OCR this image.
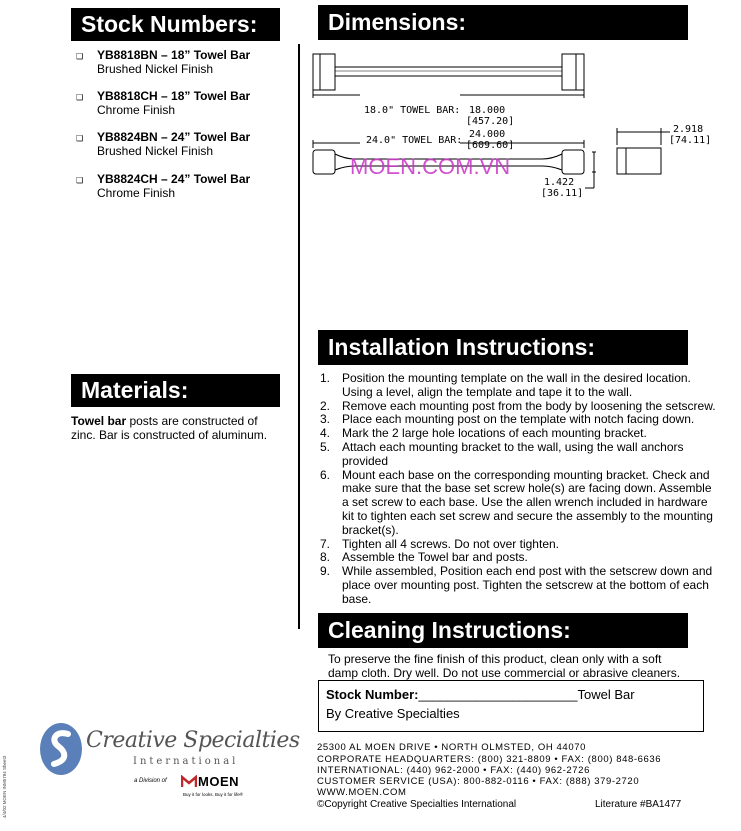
Stock Numbers:
❑ YB8818BN – 18” Towel Bar
Brushed Nickel Finish
❑ YB8818CH – 18” Towel Bar
Chrome Finish
❑ YB8824BN – 24” Towel Bar
Brushed Nickel Finish
❑ YB8824CH – 24” Towel Bar
Chrome Finish
Materials:
Towel bar posts are constructed of
zinc. Bar is constructed of aluminum.
Dimensions:
18.0" TOWEL BAR: 18.000
[457.20]
24.0" TOWEL BAR:
24.000
[609.60]
2.918
[74.11]
1.422
[36.11]
MOEN.COM.VN
Installation Instructions:
1. Position the mounting template on the wall in the desired location.
Using a level, align the template and tape it to the wall.
2. Remove each mounting post from the body by loosening the setscrew.
3. Place each mounting post on the template with notch facing down.
4. Mark the 2 large hole locations of each mounting bracket.
5. Attach each mounting bracket to the wall, using the wall anchors
provided
6. Mount each base on the corresponding mounting bracket. Check and
make sure that the base set screw hole(s) are facing down. Assemble
a set screw to each base. Use the allen wrench included in hardware
kit to tighten each set screw and secure the assembly to the mounting
bracket(s).
7. Tighten all 4 screws. Do not over tighten.
8. Assemble the Towel bar and posts.
9. While assembled, Position each end post with the setscrew down and
place over mounting post. Tighten the setscrew at the bottom of each
base.
Cleaning Instructions:
To preserve the fine finish of this product, clean only with a soft
damp cloth. Dry well. Do not use commercial or abrasive cleaners.
Stock Number:______________________Towel Bar
By Creative Specialties
Creative Specialties
International
a Division of MOEN
Buy it for looks. Buy it for life®
4/4/02 MOEN INM5784 Sheet3
25300 AL MOEN DRIVE • NORTH OLMSTED, OH 44070
CORPORATE HEADQUARTERS: (800) 321-8809 • FAX: (800) 848-6636
INTERNATIONAL: (440) 962-2000 • FAX: (440) 962-2726
CUSTOMER SERVICE (USA): 800-882-0116 • FAX: (888) 379-2720
WWW.MOEN.COM
©Copyright Creative Specialties International	Literature #BA1477
